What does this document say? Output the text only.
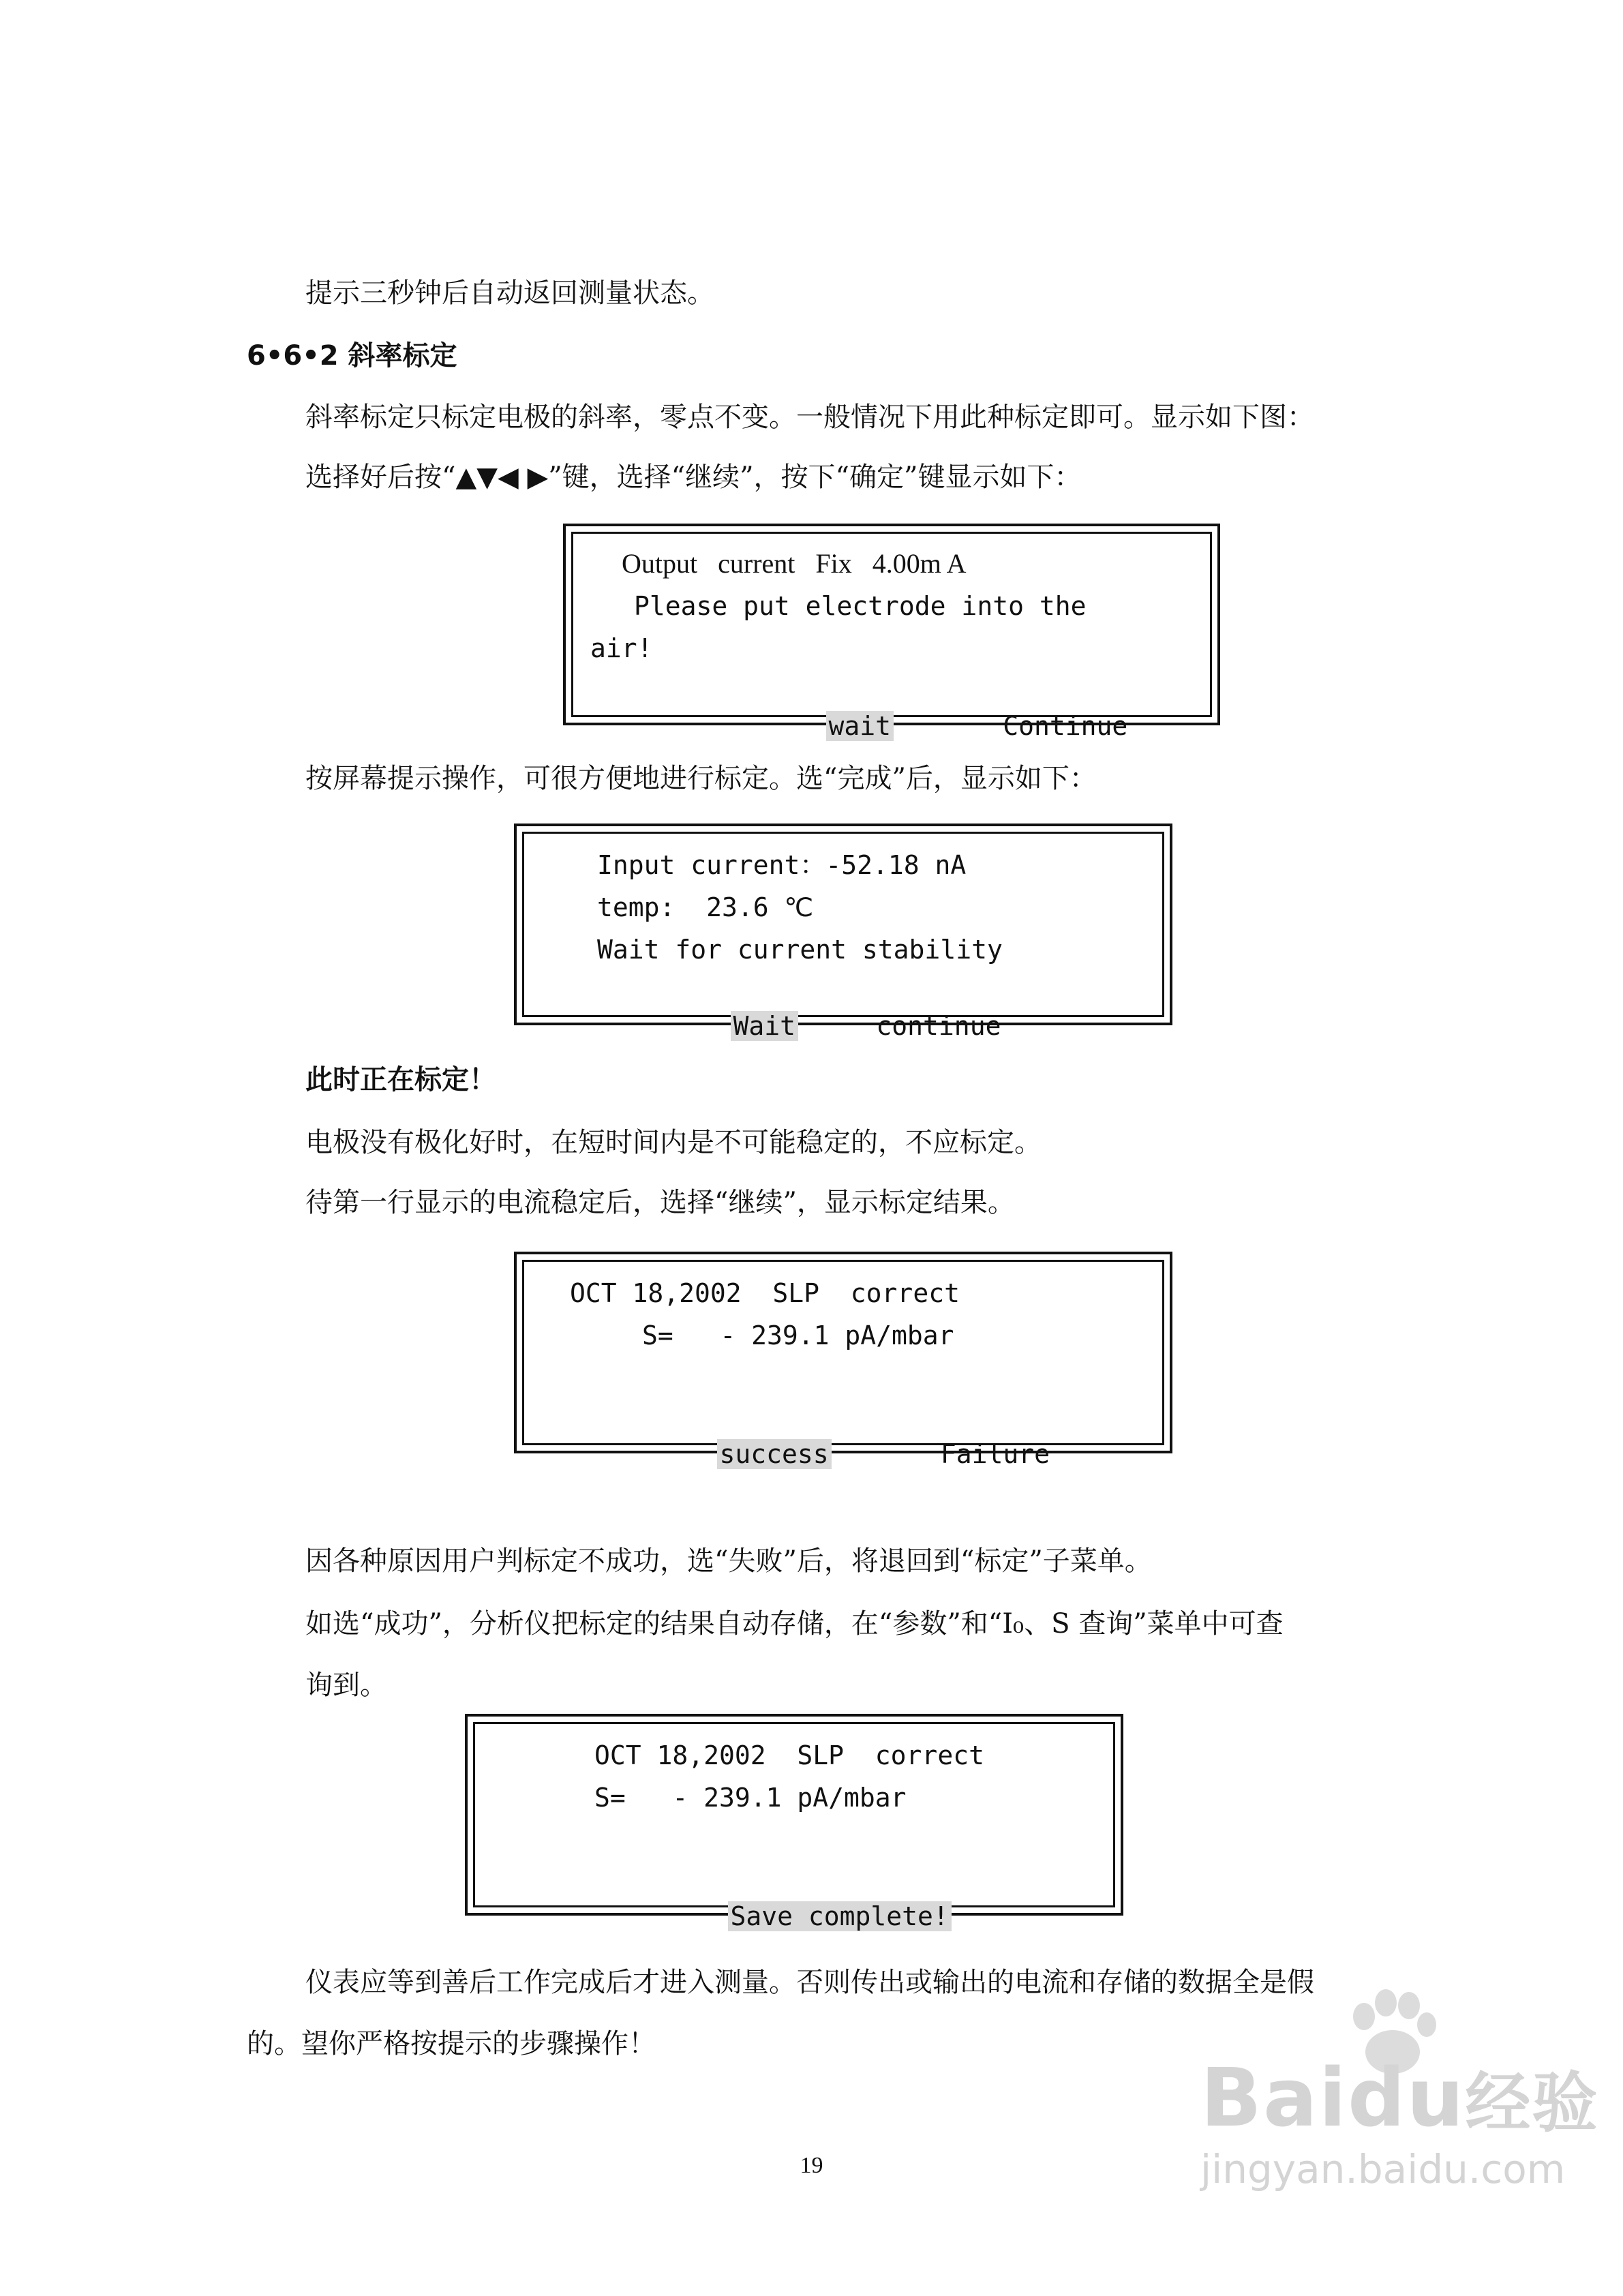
提示三秒钟后自动返回测量状态。
6•6•2 斜率标定
斜率标定只标定电极的斜率，零点不变。一般情况下用此种标定即可。显示如下图：
选择好后按“▲▼◀ ▶”键，选择“继续”，按下“确定”键显示如下：
Output   current   Fix   4.00m A
Please put electrode into the
air!

wait	Continue

按屏幕提示操作，可很方便地进行标定。选“完成”后，显示如下：
Input current：-52.18 nA
temp:  23.6 ℃
Wait for current stability

Wait	continue

此时正在标定！
电极没有极化好时，在短时间内是不可能稳定的，不应标定。
待第一行显示的电流稳定后，选择“继续”，显示标定结果。
OCT 18,2002  SLP  correct
S=   - 239.1 pA/mbar

success	Failure

因各种原因用户判标定不成功，选“失败”后，将退回到“标定”子菜单。
如选“成功”，分析仪把标定的结果自动存储，在“参数”和“I₀、S 查询”菜单中可查
询到。
OCT 18,2002  SLP  correct
S=   - 239.1 pA/mbar

Save complete!

仪表应等到善后工作完成后才进入测量。否则传出或输出的电流和存储的数据全是假
的。望你严格按提示的步骤操作！
19
Baidu经验
jingyan.baidu.com
